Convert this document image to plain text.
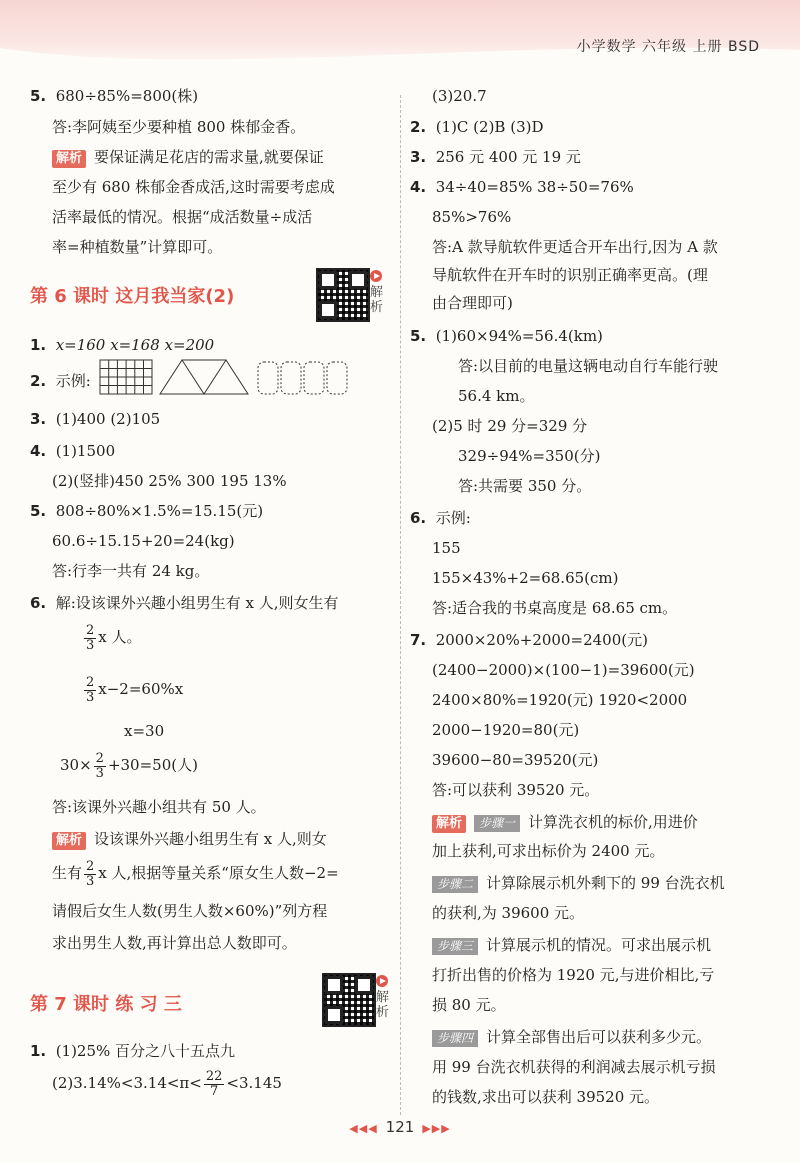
小学数学 六年级 上册 BSD
5. 680÷85%=800(株)
答:李阿姨至少要种植 800 株郁金香。
解析 要保证满足花店的需求量,就要保证
至少有 680 株郁金香成活,这时需要考虑成
活率最低的情况。根据“成活数量÷成活
率=种植数量”计算即可。
第 6 课时 这月我当家(2)	解析
1. x=160 x=168 x=200
2. 示例:
3. (1)400 (2)105
4. (1)1500
(2)(竖排)450 25% 300 195 13%
5. 808÷80%×1.5%=15.15(元)
60.6÷15.15+20=24(kg)
答:行李一共有 24 kg。
6. 解:设该课外兴趣小组男生有 x 人,则女生有
$\frac{2}{3}$ x 人。
$\frac{2}{3} x-2=60\%x$
x=30
$30\times \frac{2}{3} +30=50$(人)
答:该课外兴趣小组共有 50 人。
解析 设该课外兴趣小组男生有 x 人,则女
生有 $\frac{2}{3}$ x 人,根据等量关系“原女生人数−2=
请假后女生人数(男生人数×60%)”列方程
求出男生人数,再计算出总人数即可。
第 7 课时 练 习 三	解析
1. (1)25% 百分之八十五点九
$(2)3.14\%<3.14<\pi< \frac{22}{7} <3.145$
(3)20.7
2. (1)C (2)B (3)D
3. 256 元 400 元 19 元
4. 34÷40=85% 38÷50=76%
85%>76%
答:A 款导航软件更适合开车出行,因为 A 款
导航软件在开车时的识别正确率更高。(理
由合理即可)
5. (1)60×94%=56.4(km)
答:以目前的电量这辆电动自行车能行驶
56.4 km。
(2)5 时 29 分=329 分
329÷94%=350(分)
答:共需要 350 分。
6. 示例:
155
155×43%+2=68.65(cm)
答:适合我的书桌高度是 68.65 cm。
7. 2000×20%+2000=2400(元)
(2400−2000)×(100−1)=39600(元)
2400×80%=1920(元) 1920<2000
2000−1920=80(元)
39600−80=39520(元)
答:可以获利 39520 元。
解析 步骤一 计算洗衣机的标价,用进价
加上获利,可求出标价为 2400 元。
步骤二 计算除展示机外剩下的 99 台洗衣机
的获利,为 39600 元。
步骤三 计算展示机的情况。可求出展示机
打折出售的价格为 1920 元,与进价相比,亏
损 80 元。
步骤四 计算全部售出后可以获利多少元。
用 99 台洗衣机获得的利润减去展示机亏损
的钱数,求出可以获利 39520 元。
◀◀◀ 121 ▶▶▶
